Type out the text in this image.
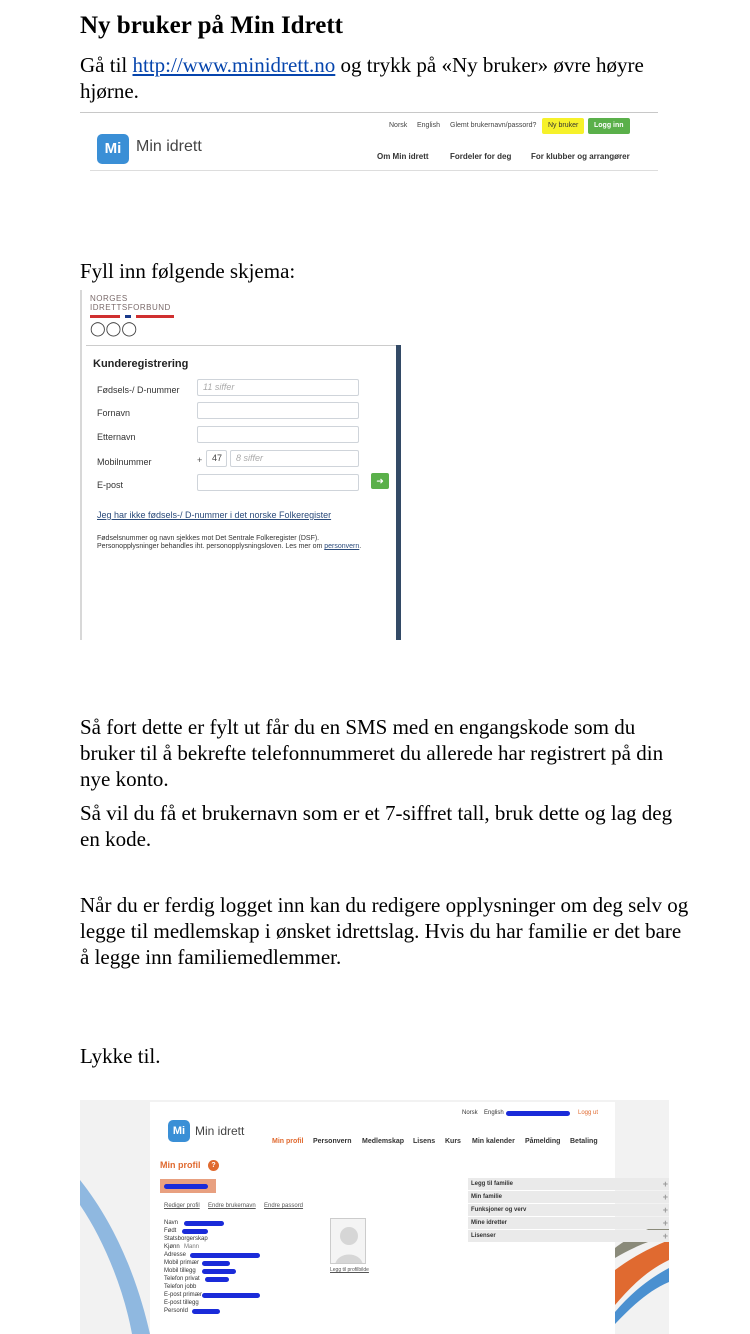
Ny bruker på Min Idrett
Gå til http://www.minidrett.no og trykk på «Ny bruker» øvre høyre hjørne.
Mi Min idrett
Norsk English Glemt brukernavn/passord?	Ny bruker	Logg inn
Om Min idrett	Fordeler for deg For klubber og arrangører
Fyll inn følgende skjema:
NORGES
IDRETTSFORBUND
◯◯◯
Kunderegistrering
Fødsels-/ D-nummer	11 siffer
Fornavn
Etternavn
Mobilnummer	+	47	8 siffer
E-post	➜
Jeg har ikke fødsels-/ D-nummer i det norske Folkeregister
Fødselsnummer og navn sjekkes mot Det Sentrale Folkeregister (DSF). Personopplysninger behandles iht. personopplysningsloven. Les mer om personvern.
Så fort dette er fylt ut får du en SMS med en engangskode som du bruker til å bekrefte telefonnummeret du allerede har registrert på din nye konto.
Så vil du få et brukernavn som er et 7-siffret tall, bruk dette og lag deg en kode.
Når du er ferdig logget inn kan du redigere opplysninger om deg selv og legge til medlemskap i ønsket idrettslag. Hvis du har familie er det bare å legge inn familiemedlemmer.
Lykke til.
Mi Min idrett
Norsk English	Logg ut
Min profil Personvern Medlemskap Lisens Kurs Min kalender Påmelding Betaling
Min profil	?
Rediger profil Endre brukernavn Endre passord
Navn
Født
Statsborgerskap
Kjønn Mann
Adresse
Mobil primær
Mobil tillegg
Telefon privat
Telefon jobb
E-post primær
E-post tillegg
PersonId
Legg til profilbilde
Legg til familie	+
Min familie	+
Funksjoner og verv	+
Mine idretter	+
Lisenser	+
